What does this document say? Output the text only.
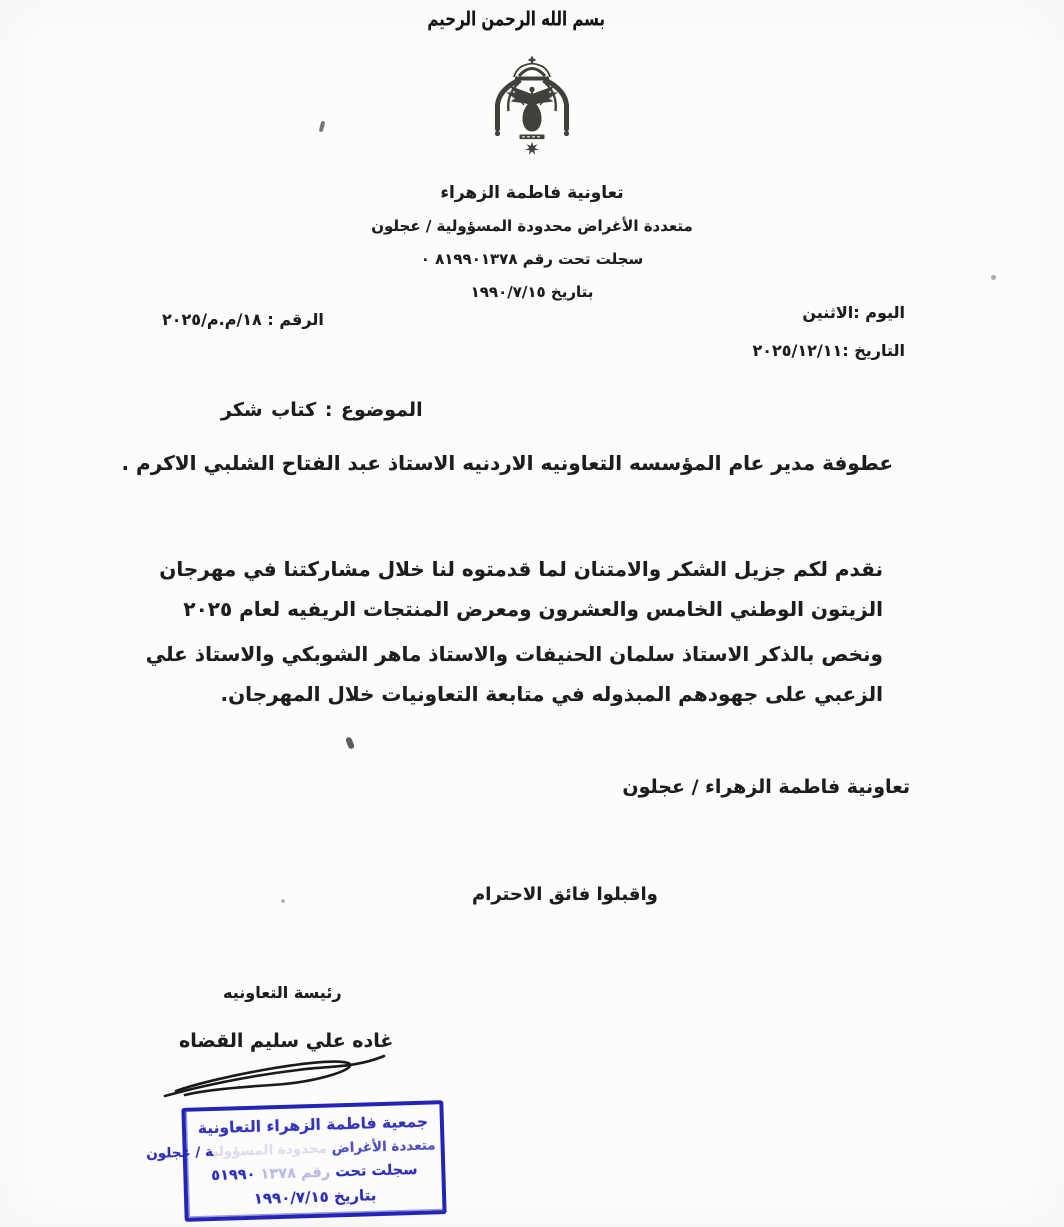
بسم الله الرحمن الرحيم
تعاونية فاطمة الزهراء
متعددة الأغراض محدودة المسؤولية / عجلون
سجلت تحت رقم ٨١٩٩٠١٣٧٨ ٠
بتاريخ ١٩٩٠/٧/١٥
الرقم : ١٨/م.م/٢٠٢٥	اليوم :الاثنين
التاريخ :٢٠٢٥/١٢/١١
الموضوع : كتاب شكر
عطوفة مدير عام المؤسسه التعاونيه الاردنيه الاستاذ عبد الفتاح الشلبي الاكرم .
نقدم لكم جزيل الشكر والامتنان لما قدمتوه لنا خلال مشاركتنا في مهرجان
الزيتون الوطني الخامس والعشرون ومعرض المنتجات الريفيه لعام ٢٠٢٥
ونخص بالذكر الاستاذ سلمان الحنيفات والاستاذ ماهر الشوبكي والاستاذ علي
الزعبي على جهودهم المبذوله في متابعة التعاونيات خلال المهرجان.
تعاونية فاطمة الزهراء / عجلون
واقبلوا فائق الاحترام
رئيسة التعاونيه
غاده علي سليم القضاه
جمعية فاطمة الزهراء التعاونية
متعددة الأغراض محدودة المسؤولية / عجلون
سجلت تحت رقم ١٣٧٨ ٥١٩٩٠
بتاريخ ١٩٩٠/٧/١٥
